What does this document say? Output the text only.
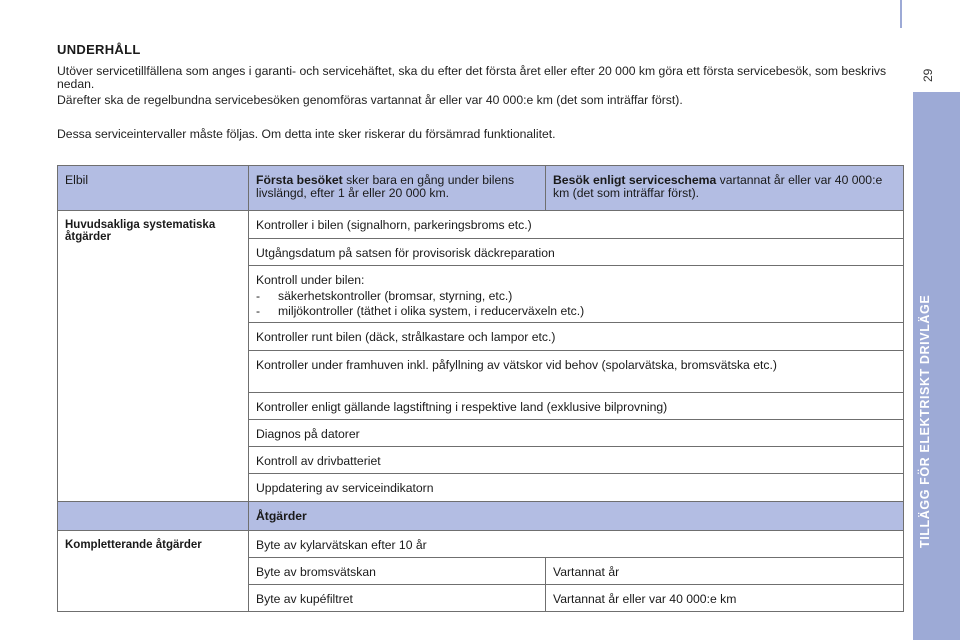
TILLÄGG FÖR ELEKTRISKT DRIVLÄGE
29
UNDERHÅLL
Utöver servicetillfällena som anges i garanti- och servicehäftet, ska du efter det första året eller efter 20 000 km göra ett första servicebesök, som beskrivs nedan.
Därefter ska de regelbundna servicebesöken genomföras vartannat år eller var 40 000:e km (det som inträffar först).
Dessa serviceintervaller måste följas. Om detta inte sker riskerar du försämrad funktionalitet.
Elbil	Första besöket sker bara en gång under bilens livslängd, efter 1 år eller 20 000 km.	Besök enligt serviceschema vartannat år eller var 40 000:e km (det som inträffar först).

Huvudsakliga systematiska åtgärder	Kontroller i bilen (signalhorn, parkeringsbroms etc.)	
	Utgångsdatum på satsen för provisorisk däckreparation	

	Kontroll under bilen:
- säkerhetskontroller (bromsar, styrning, etc.)
- miljökontroller (täthet i olika system, i reducerväxeln etc.)	

	Kontroller runt bilen (däck, strålkastare och lampor etc.)	
	Kontroller under framhuven inkl. påfyllning av vätskor vid behov (spolarvätska, bromsvätska etc.)	
	Kontroller enligt gällande lagstiftning i respektive land (exklusive bilprovning)	
	Diagnos på datorer	
	Kontroll av drivbatteriet	
	Uppdatering av serviceindikatorn	
	Åtgärder	

Kompletterande åtgärder	Byte av kylarvätskan efter 10 år	
	Byte av bromsvätskan	Vartannat år
	Byte av kupéfiltret	Vartannat år eller var 40 000:e km
